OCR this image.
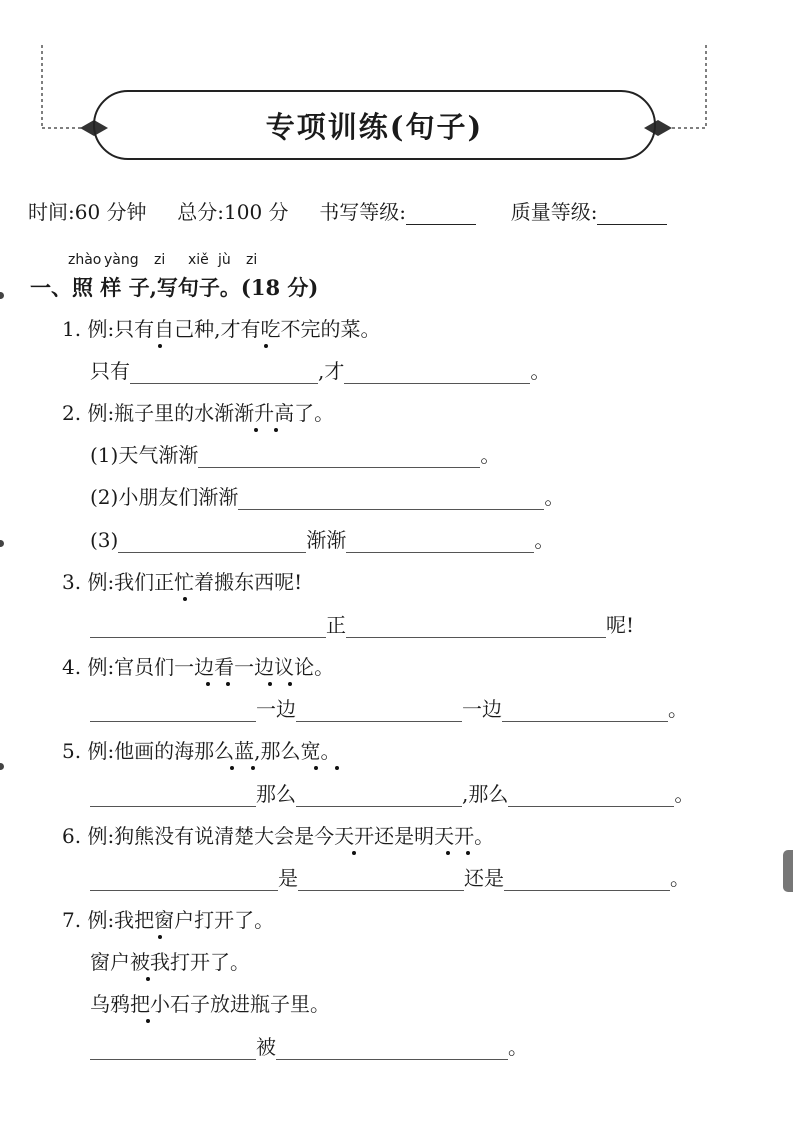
专项训练(句子)
时间:60 分钟 总分:100 分 书写等级:	质量等级:
zhào yàng zi xiě jù zi
一、照 样 子,写句子。(18 分)
1. 例:只有自己种,才有吃不完的菜。
只有	,才	。
2. 例:瓶子里的水渐渐升高了。
(1)天气渐渐	。
(2)小朋友们渐渐	。
(3)	渐渐	。
3. 例:我们正忙着搬东西呢!
正	呢!
4. 例:官员们一边看一边议论。
一边	一边	。
5. 例:他画的海那么蓝,那么宽。
那么	,那么	。
6. 例:狗熊没有说清楚大会是今天开还是明天开。
是	还是	。
7. 例:我把窗户打开了。
窗户被我打开了。
乌鸦把小石子放进瓶子里。
被	。
